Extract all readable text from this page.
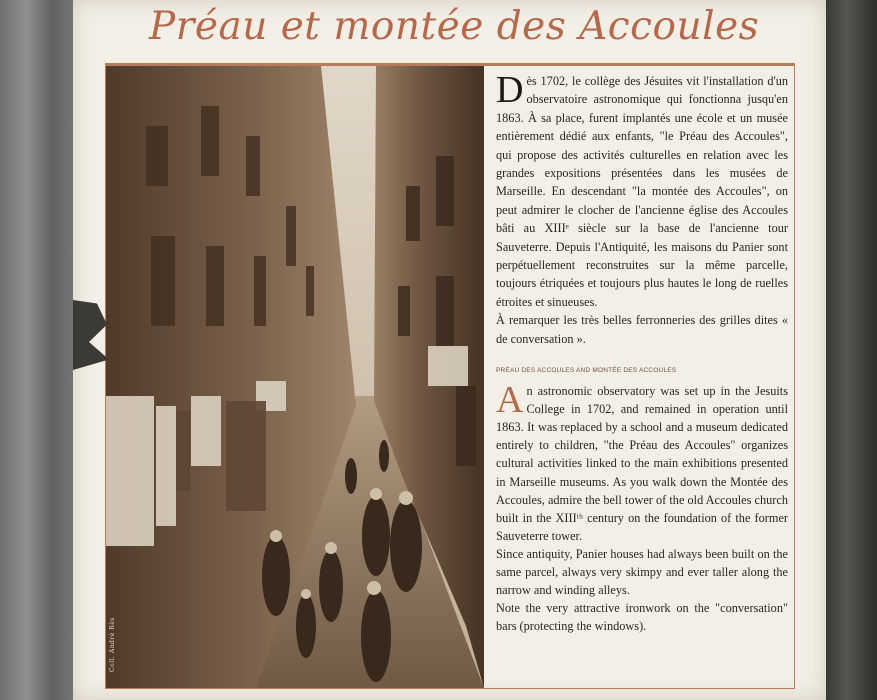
Préau et montée des Accoules
Coll. André Rès

Dès 1702, le collège des Jésuites vit l'installation d'un observatoire astronomique qui fonctionna jusqu'en 1863. À sa place, furent implantés une école et un musée entièrement dédié aux enfants, "le Préau des Accoules", qui propose des activités culturelles en relation avec les grandes expositions présentées dans les musées de Marseille. En descendant "la montée des Accoules", on peut admirer le clocher de l'ancienne église des Accoules bâti au XIIIᵉ siècle sur la base de l'ancienne tour Sauveterre. Depuis l'Antiquité, les maisons du Panier sont perpétuellement reconstruites sur la même parcelle, toujours étriquées et toujours plus hautes le long de ruelles étroites et sinueuses.

À remarquer les très belles ferronneries des grilles dites « de conversation ».

PRÉAU DES ACCOULES AND MONTÉE DES ACCOULES

An astronomic observatory was set up in the Jesuits College in 1702, and remained in operation until 1863. It was replaced by a school and a museum dedicated entirely to children, "the Préau des Accoules" organizes cultural activities linked to the main exhibitions presented in Marseille museums. As you walk down the Montée des Accoules, admire the bell tower of the old Accoules church built in the XIIIᵗʰ century on the foundation of the former Sauveterre tower.

Since antiquity, Panier houses had always been built on the same parcel, always very skimpy and ever taller along the narrow and winding alleys.

Note the very attractive ironwork on the "conversation" bars (protecting the windows).
